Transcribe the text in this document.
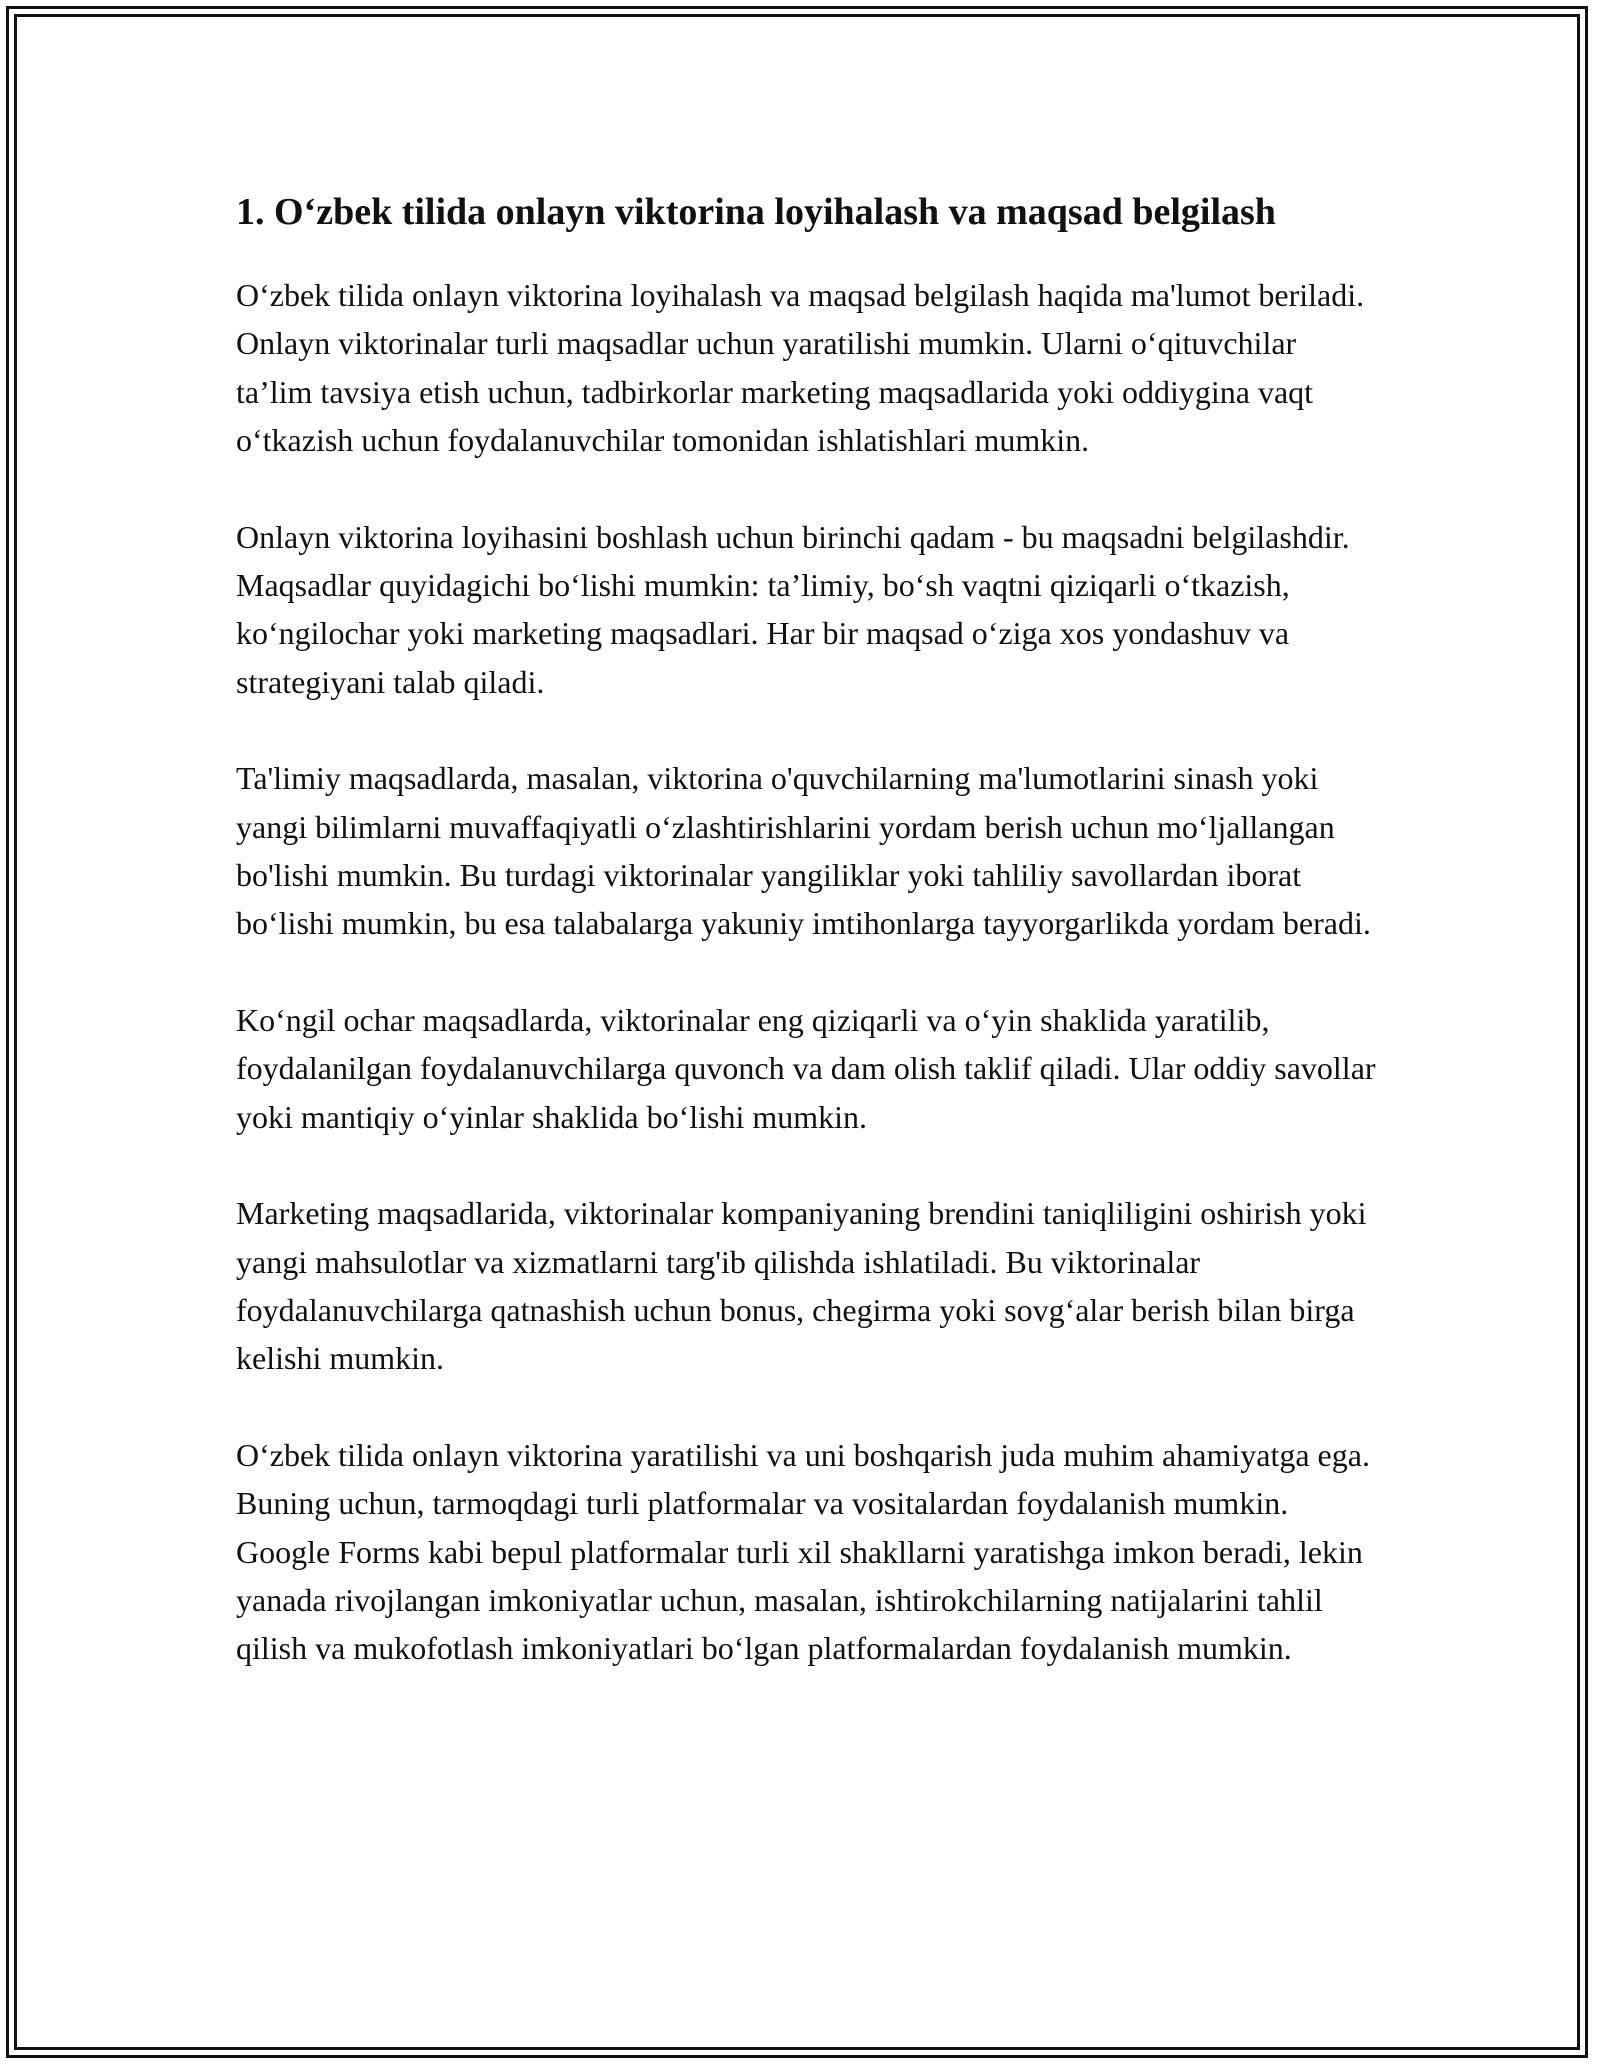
1. O‘zbek tilida onlayn viktorina loyihalash va maqsad belgilash

O‘zbek tilida onlayn viktorina loyihalash va maqsad belgilash haqida ma'lumot beriladi. Onlayn viktorinalar turli maqsadlar uchun yaratilishi mumkin. Ularni o‘qituvchilar ta’lim tavsiya etish uchun, tadbirkorlar marketing maqsadlarida yoki oddiygina vaqt o‘tkazish uchun foydalanuvchilar tomonidan ishlatishlari mumkin.

Onlayn viktorina loyihasini boshlash uchun birinchi qadam - bu maqsadni belgilashdir. Maqsadlar quyidagichi bo‘lishi mumkin: ta’limiy, bo‘sh vaqtni qiziqarli o‘tkazish, ko‘ngilochar yoki marketing maqsadlari. Har bir maqsad o‘ziga xos yondashuv va strategiyani talab qiladi.

Ta'limiy maqsadlarda, masalan, viktorina o'quvchilarning ma'lumotlarini sinash yoki yangi bilimlarni muvaffaqiyatli o‘zlashtirishlarini yordam berish uchun mo‘ljallangan bo'lishi mumkin. Bu turdagi viktorinalar yangiliklar yoki tahliliy savollardan iborat bo‘lishi mumkin, bu esa talabalarga yakuniy imtihonlarga tayyorgarlikda yordam beradi.

Ko‘ngil ochar maqsadlarda, viktorinalar eng qiziqarli va o‘yin shaklida yaratilib, foydalanilgan foydalanuvchilarga quvonch va dam olish taklif qiladi. Ular oddiy savollar yoki mantiqiy o‘yinlar shaklida bo‘lishi mumkin.

Marketing maqsadlarida, viktorinalar kompaniyaning brendini taniqliligini oshirish yoki yangi mahsulotlar va xizmatlarni targ'ib qilishda ishlatiladi. Bu viktorinalar foydalanuvchilarga qatnashish uchun bonus, chegirma yoki sovg‘alar berish bilan birga kelishi mumkin.

O‘zbek tilida onlayn viktorina yaratilishi va uni boshqarish juda muhim ahamiyatga ega. Buning uchun, tarmoqdagi turli platformalar va vositalardan foydalanish mumkin. Google Forms kabi bepul platformalar turli xil shakllarni yaratishga imkon beradi, lekin yanada rivojlangan imkoniyatlar uchun, masalan, ishtirokchilarning natijalarini tahlil qilish va mukofotlash imkoniyatlari bo‘lgan platformalardan foydalanish mumkin.
